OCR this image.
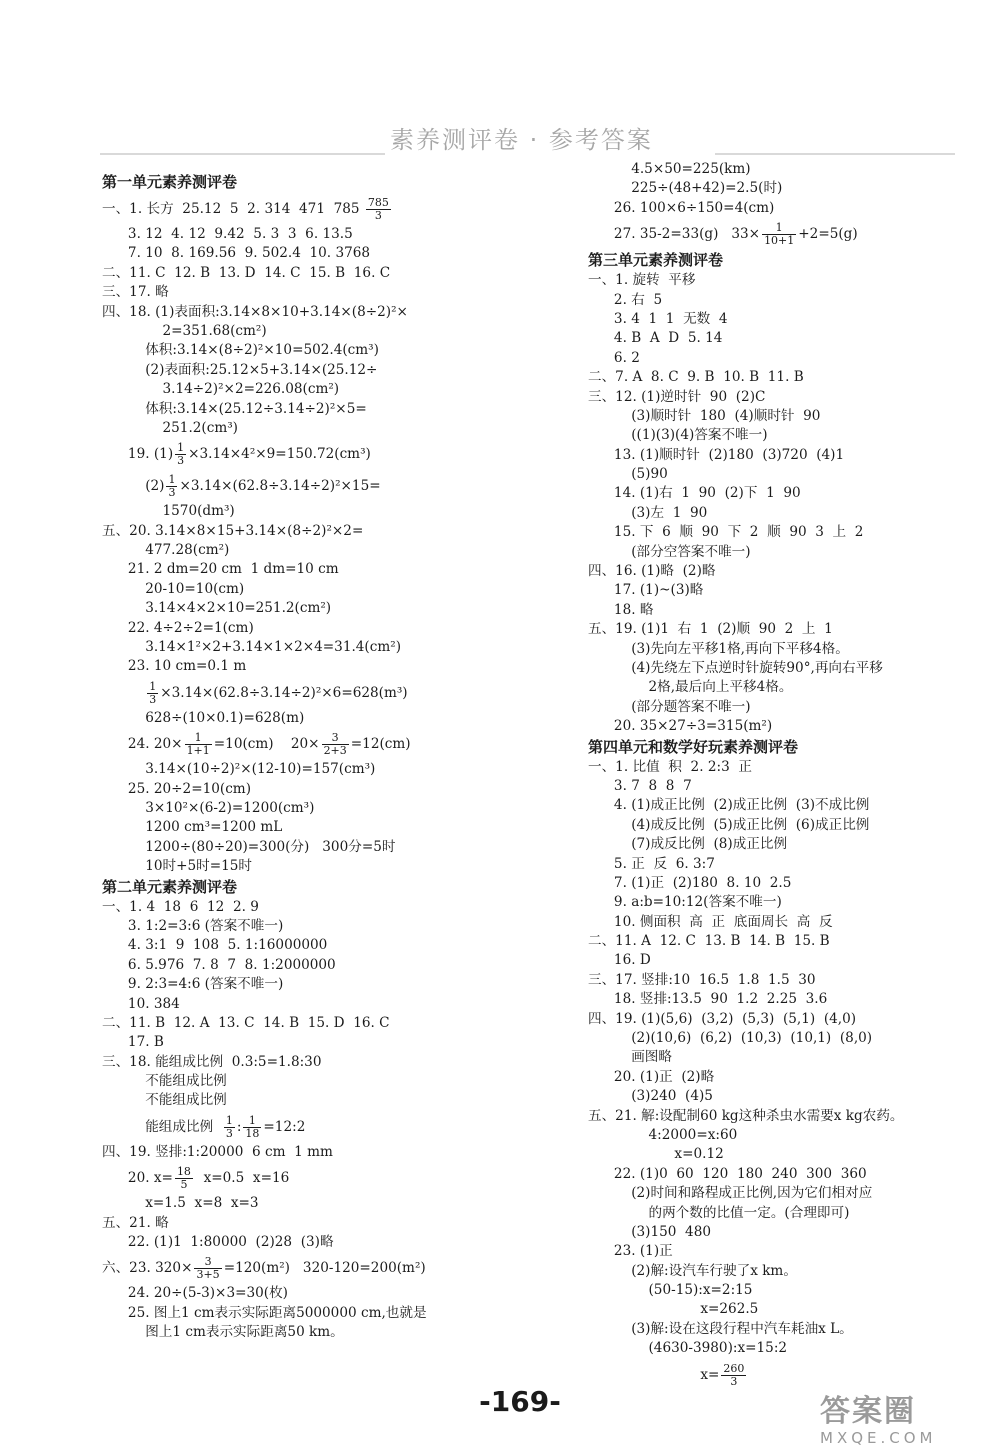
素养测评卷 · 参考答案
第一单元素养测评卷
一、1. 长方  25.12  5  2. 314  471  $785 \frac{785}{3}$
3. 12  4. 12  9.42  5. 3  3  6. 13.5
7. 10  8. 169.56  9. 502.4  10. 3768
二、11. C  12. B  13. D  14. C  15. B  16. C
三、17. 略
四、18. (1)表面积:3.14×8×10+3.14×(8÷2)²×
2=351.68(cm²)
体积:3.14×(8÷2)²×10=502.4(cm³)
(2)表面积:25.12×5+3.14×(25.12÷
3.14÷2)²×2=226.08(cm²)
体积:3.14×(25.12÷3.14÷2)²×5=
251.2(cm³)
19. $(1) \frac{1}{3} \times 3.14\times 4^2\times 9=150.72(cm^3)$
$(2) \frac{1}{3} \times 3.14\times(62.8\div 3.14\div 2)^2\times 15=$
1570(dm³)
五、20. 3.14×8×15+3.14×(8÷2)²×2=
477.28(cm²)
21. 2 dm=20 cm  1 dm=10 cm
20-10=10(cm)
3.14×4×2×10=251.2(cm²)
22. 4÷2÷2=1(cm)
3.14×1²×2+3.14×1×2×4=31.4(cm²)
23. 10 cm=0.1 m

$\frac{1}{3} \times 3.14\times(62.8\div 3.14\div 2)^2\times 6=628(m^3)$
628÷(10×0.1)=628(m)
24. $20\times \frac{1}{1+1} =10(cm)$    $20\times \frac{3}{2+3} =12(cm)$
3.14×(10÷2)²×(12-10)=157(cm³)
25. 20÷2=10(cm)
3×10²×(6-2)=1200(cm³)
1200 cm³=1200 mL
1200÷(80÷20)=300(分)   300分=5时
10时+5时=15时
第二单元素养测评卷
一、1. 4  18  6  12  2. 9
3. 1:2=3:6 (答案不唯一)
4. 3:1  9  108  5. 1:16000000
6. 5.976  7. 8  7  8. 1:2000000
9. 2:3=4:6 (答案不唯一)
10. 384
二、11. B  12. A  13. C  14. B  15. D  16. C
17. B
三、18. 能组成比例  0.3:5=1.8:30
不能组成比例
不能组成比例
能组成比例 $\frac{1}{3}$ : $\frac{1}{18}$ =12:2
四、19. 竖排:1:20000  6 cm  1 mm
20. $x= \frac{18}{5} x=0.5$  x=16
x=1.5  x=8  x=3
五、21. 略
22. (1)1  1:80000  (2)28  (3)略
六、23. $320\times \frac{3}{3+5} =120(m^2)$   320-120=200(m²)
24. 20÷(5-3)×3=30(枚)
25. 图上1 cm表示实际距离5000000 cm,也就是
图上1 cm表示实际距离50 km。
4.5×50=225(km)
225÷(48+42)=2.5(时)
26. 100×6÷150=4(cm)
27. 35-2=33(g)   $33\times \frac{1}{10+1} +2=5(g)$
第三单元素养测评卷
一、1. 旋转  平移
2. 右  5
3. 4  1  1  无数  4
4. B  A  D  5. 14
6. 2
二、7. A  8. C  9. B  10. B  11. B
三、12. (1)逆时针  90  (2)C
(3)顺时针  180  (4)顺时针  90
((1)(3)(4)答案不唯一)
13. (1)顺时针  (2)180  (3)720  (4)1
(5)90
14. (1)右  1  90  (2)下  1  90
(3)左  1  90
15. 下  6  顺  90  下  2  顺  90  3  上  2
(部分空答案不唯一)
四、16. (1)略  (2)略
17. (1)~(3)略
18. 略
五、19. (1)1  右  1  (2)顺  90  2  上  1
(3)先向左平移1格,再向下平移4格。
(4)先绕左下点逆时针旋转90°,再向右平移
2格,最后向上平移4格。
(部分题答案不唯一)
20. 35×27÷3=315(m²)
第四单元和数学好玩素养测评卷
一、1. 比值  积  2. 2:3  正
3. 7  8  8  7
4. (1)成正比例  (2)成正比例  (3)不成比例
(4)成反比例  (5)成正比例  (6)成正比例
(7)成反比例  (8)成正比例
5. 正  反  6. 3:7
7. (1)正  (2)180  8. 10  2.5
9. a:b=10:12(答案不唯一)
10. 侧面积  高  正  底面周长  高  反
二、11. A  12. C  13. B  14. B  15. B
16. D
三、17. 竖排:10  16.5  1.8  1.5  30
18. 竖排:13.5  90  1.2  2.25  3.6
四、19. (1)(5,6)  (3,2)  (5,3)  (5,1)  (4,0)
(2)(10,6)  (6,2)  (10,3)  (10,1)  (8,0)
画图略
20. (1)正  (2)略
(3)240  (4)5
五、21. 解:设配制60 kg这种杀虫水需要x kg农药。
4:2000=x:60
x=0.12
22. (1)0  60  120  180  240  300  360
(2)时间和路程成正比例,因为它们相对应
的两个数的比值一定。(合理即可)
(3)150  480
23. (1)正
(2)解:设汽车行驶了x km。
(50-15):x=2:15
x=262.5
(3)解:设在这段行程中汽车耗油x L。
(4630-3980):x=15:2
$x= \frac{260}{3}$
-169-	答案圈
MXQE.COM
